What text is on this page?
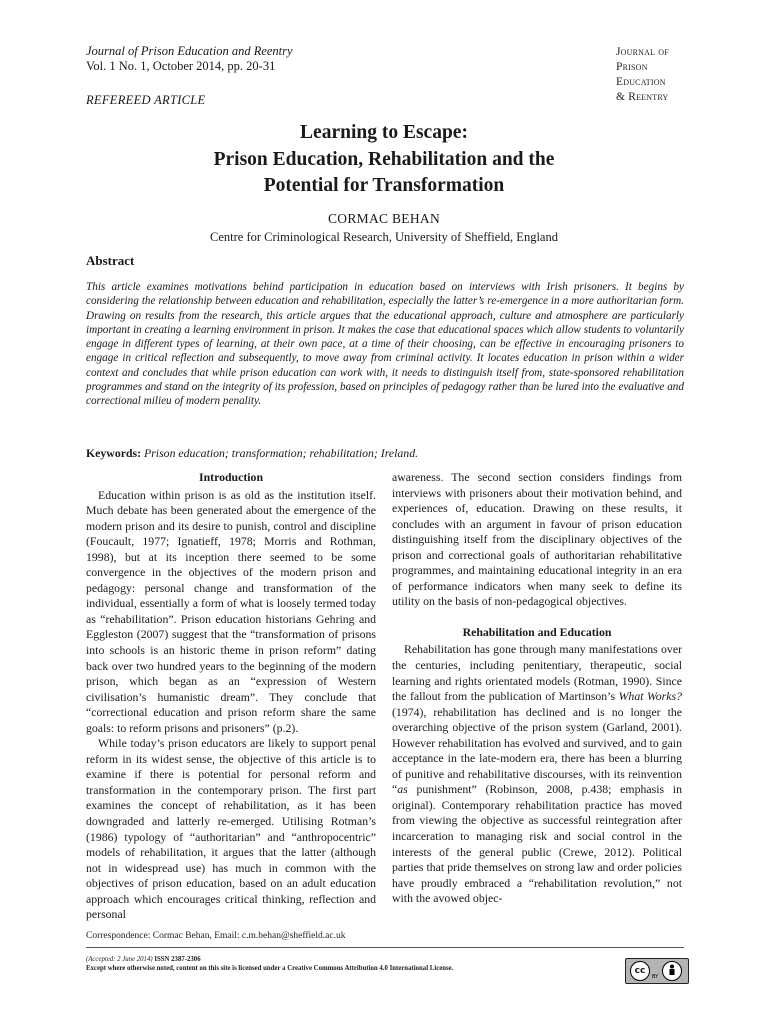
Journal of Prison Education and Reentry
Vol. 1 No. 1, October 2014, pp. 20-31
Journal of
Prison
Education
& Reentry
REFEREED ARTICLE
Learning to Escape:
Prison Education, Rehabilitation and the
Potential for Transformation
CORMAC BEHAN
Centre for Criminological Research, University of Sheffield, England
Abstract
This article examines motivations behind participation in education based on interviews with Irish prisoners. It begins by considering the relationship between education and rehabilitation, especially the latter’s re-emergence in a more authoritarian form. Drawing on results from the research, this article argues that the educational approach, culture and atmosphere are particularly important in creating a learning environment in prison. It makes the case that educational spaces which allow students to voluntarily engage in different types of learning, at their own pace, at a time of their choosing, can be effective in encouraging prisoners to engage in critical reflection and subsequently, to move away from criminal activity. It locates education in prison within a wider context and concludes that while prison education can work with, it needs to distinguish itself from, state-sponsored rehabilitation programmes and stand on the integrity of its profession, based on principles of pedagogy rather than be lured into the evaluative and correctional milieu of modern penality.
Keywords: Prison education; transformation; rehabilitation; Ireland.
Introduction

Education within prison is as old as the institution itself. Much debate has been generated about the emergence of the modern prison and its desire to punish, control and discipline (Foucault, 1977; Ignatieff, 1978; Morris and Rothman, 1998), but at its inception there seemed to be some convergence in the objectives of the modern prison and pedagogy: personal change and transformation of the individual, essentially a form of what is loosely termed today as “rehabilitation”. Prison education historians Gehring and Eggleston (2007) suggest that the “transformation of prisons into schools is an historic theme in prison reform” dating back over two hundred years to the beginning of the modern prison, which began as an “expression of Western civilisation’s humanistic dream”. They conclude that “correctional education and prison reform share the same goals: to reform prisons and prisoners” (p.2).

While today’s prison educators are likely to support penal reform in its widest sense, the objective of this article is to examine if there is potential for personal reform and transformation in the contemporary prison. The first part examines the concept of rehabilitation, as it has been downgraded and latterly re-emerged. Utilising Rotman’s (1986) typology of “authoritarian” and “anthropocentric” models of rehabilitation, it argues that the latter (although not in widespread use) has much in common with the objectives of prison education, based on an adult education approach which encourages critical thinking, reflection and personal

awareness. The second section considers findings from interviews with prisoners about their motivation behind, and experiences of, education. Drawing on these results, it concludes with an argument in favour of prison education distinguishing itself from the disciplinary objectives of the prison and correctional goals of authoritarian rehabilitative programmes, and maintaining educational integrity in an era of performance indicators when many seek to define its utility on the basis of non-pedagogical objectives.

Rehabilitation and Education

Rehabilitation has gone through many manifestations over the centuries, including penitentiary, therapeutic, social learning and rights orientated models (Rotman, 1990). Since the fallout from the publication of Martinson’s What Works? (1974), rehabilitation has declined and is no longer the overarching objective of the prison system (Garland, 2001). However rehabilitation has evolved and survived, and to gain acceptance in the late-modern era, there has been a blurring of punitive and rehabilitative discourses, with its reinvention “as punishment” (Robinson, 2008, p.438; emphasis in original). Contemporary rehabilitation practice has moved from viewing the objective as successful reintegration after incarceration to managing risk and social control in the interests of the general public (Crewe, 2012). Political parties that pride themselves on strong law and order policies have proudly embraced a “rehabilitation revolution,” not with the avowed objec-

Correspondence: Cormac Behan, Email: c.m.behan@sheffield.ac.uk
(Accepted: 2 June 2014) ISSN 2387-2306
Except where otherwise noted, content on this site is licensed under a Creative Commons Attribution 4.0 International License.	cc
BY
